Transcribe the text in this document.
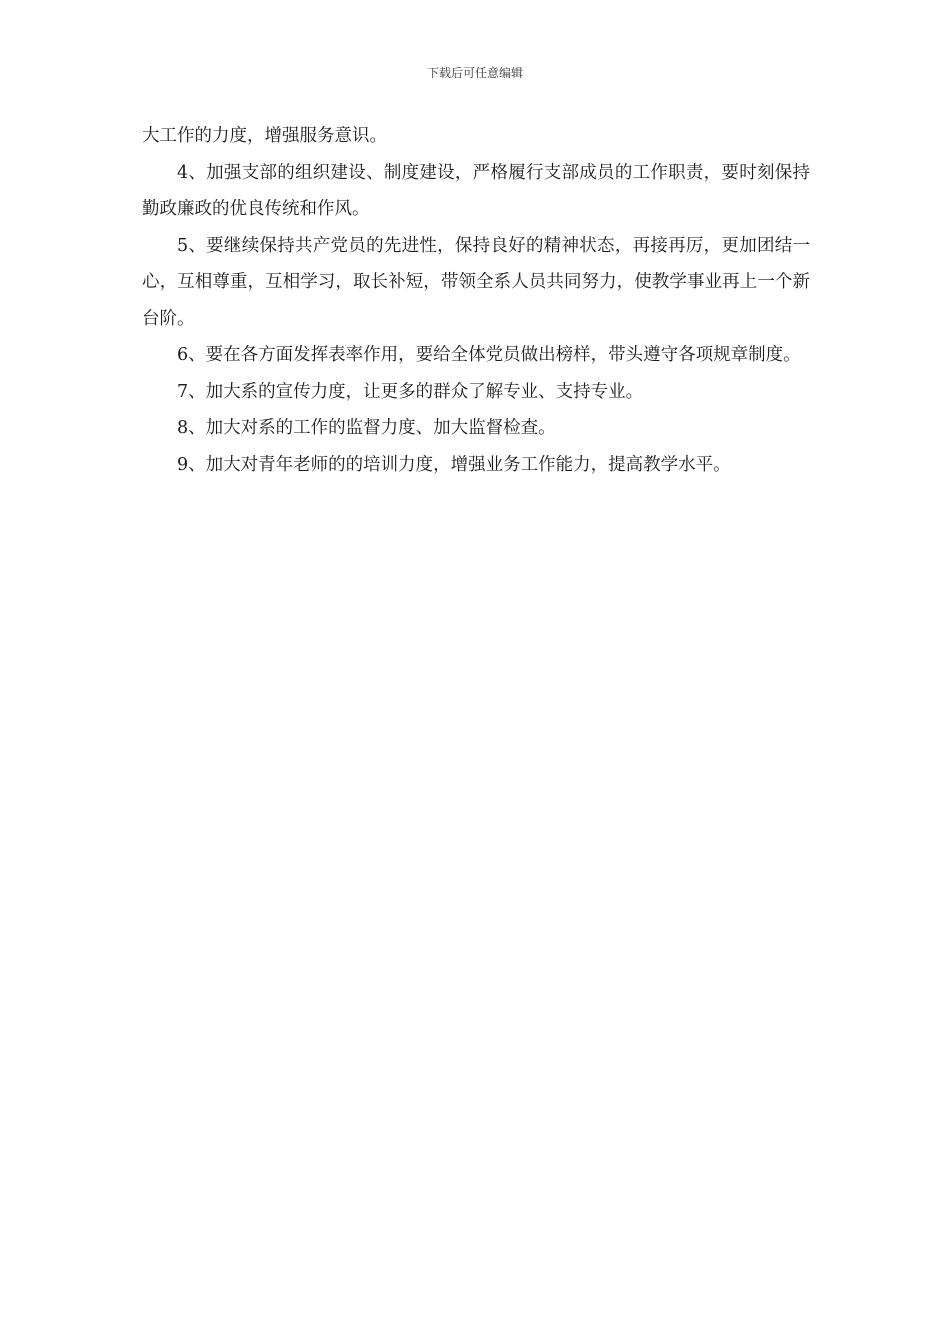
下载后可任意编辑

大工作的力度，增强服务意识。

4、加强支部的组织建设、制度建设，严格履行支部成员的工作职责，要时刻保持勤政廉政的优良传统和作风。

5、要继续保持共产党员的先进性，保持良好的精神状态，再接再厉，更加团结一心，互相尊重，互相学习，取长补短，带领全系人员共同努力，使教学事业再上一个新台阶。

6、要在各方面发挥表率作用，要给全体党员做出榜样，带头遵守各项规章制度。

7、加大系的宣传力度，让更多的群众了解专业、支持专业。

8、加大对系的工作的监督力度、加大监督检查。

9、加大对青年老师的的培训力度，增强业务工作能力，提高教学水平。
